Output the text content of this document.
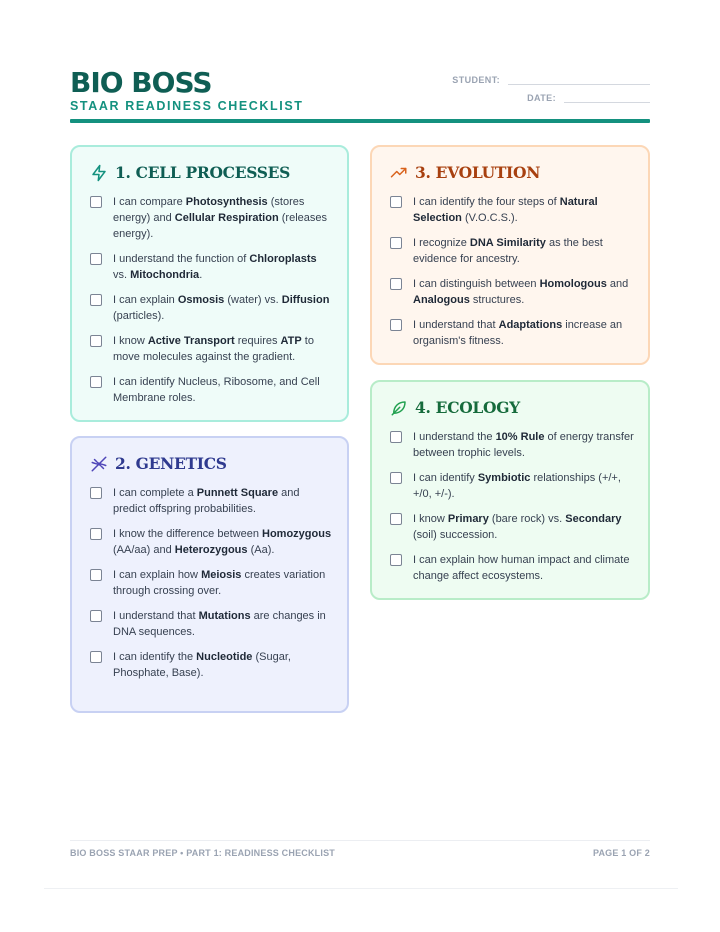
BIO BOSS
STAAR READINESS CHECKLIST
STUDENT:
DATE:
1. CELL PROCESSES
I can compare Photosynthesis (stores energy) and Cellular Respiration (releases energy).
I understand the function of Chloroplasts vs. Mitochondria.
I can explain Osmosis (water) vs. Diffusion (particles).
I know Active Transport requires ATP to move molecules against the gradient.
I can identify Nucleus, Ribosome, and Cell Membrane roles.
2. GENETICS
I can complete a Punnett Square and predict offspring probabilities.
I know the difference between Homozygous (AA/aa) and Heterozygous (Aa).
I can explain how Meiosis creates variation through crossing over.
I understand that Mutations are changes in DNA sequences.
I can identify the Nucleotide (Sugar, Phosphate, Base).
3. EVOLUTION
I can identify the four steps of Natural Selection (V.O.C.S.).
I recognize DNA Similarity as the best evidence for ancestry.
I can distinguish between Homologous and Analogous structures.
I understand that Adaptations increase an organism's fitness.
4. ECOLOGY
I understand the 10% Rule of energy transfer between trophic levels.
I can identify Symbiotic relationships (+/+, +/0, +/-).
I know Primary (bare rock) vs. Secondary (soil) succession.
I can explain how human impact and climate change affect ecosystems.
BIO BOSS STAAR PREP • PART 1: READINESS CHECKLIST	PAGE 1 OF 2
